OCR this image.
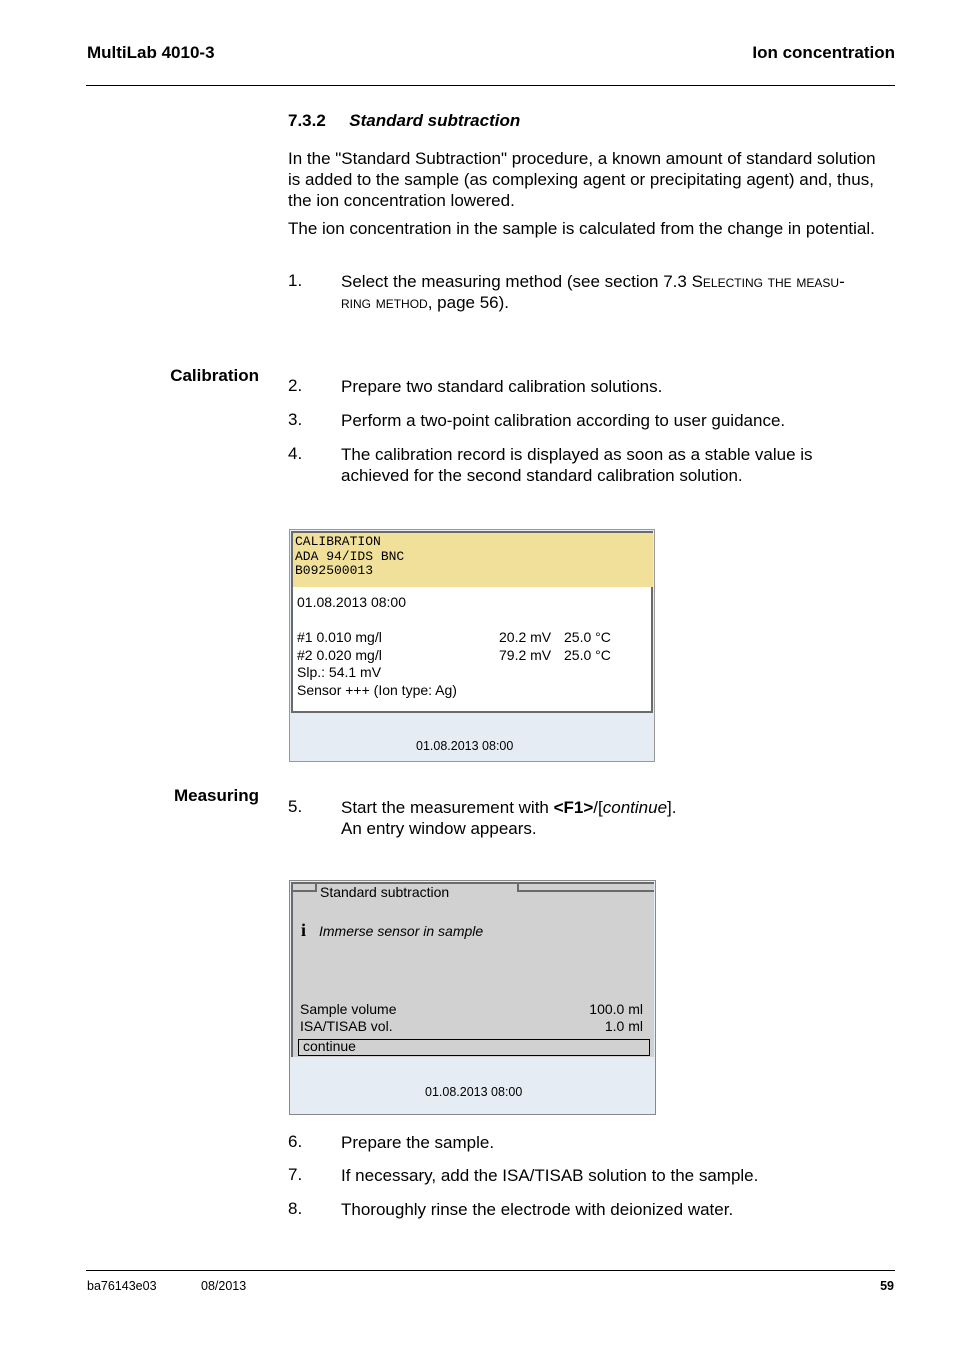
MultiLab 4010-3	Ion concentration
7.3.2 Standard subtraction
In the "Standard Subtraction" procedure, a known amount of standard solution
is added to the sample (as complexing agent or precipitating agent) and, thus,
the ion concentration lowered.
The ion concentration in the sample is calculated from the change in potential.
1. Select the measuring method (see section 7.3 Selecting the measu-
ring method, page 56).
Calibration
2. Prepare two standard calibration solutions.
3. Perform a two-point calibration according to user guidance.
4. The calibration record is displayed as soon as a stable value is
achieved for the second standard calibration solution.
CALIBRATION
ADA 94/IDS BNC
B092500013
01.08.2013 08:00
#1 0.010 mg/l	20.2 mV 25.0 °C
#2 0.020 mg/l	79.2 mV 25.0 °C
Slp.: 54.1 mV
Sensor +++ (Ion type: Ag)
01.08.2013 08:00
Measuring
5. Start the measurement with <F1>/[continue].
An entry window appears.
Standard subtraction
i Immerse sensor in sample
Sample volume	100.0 ml
ISA/TISAB vol.	1.0 ml
continue
01.08.2013 08:00
6. Prepare the sample.
7. If necessary, add the ISA/TISAB solution to the sample.
8. Thoroughly rinse the electrode with deionized water.
ba76143e03	08/2013	59
